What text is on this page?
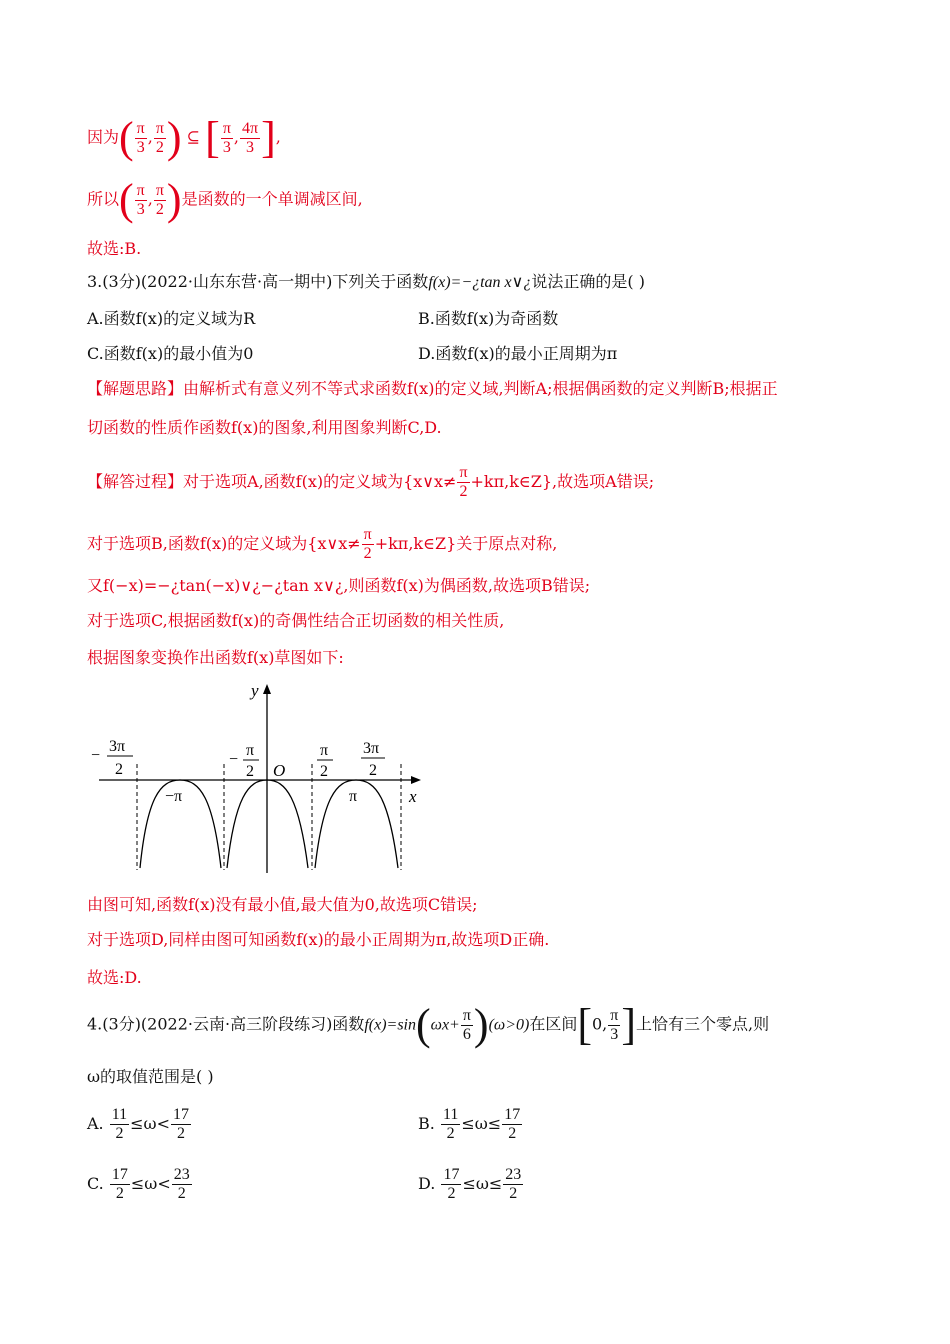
因为( $\frac{\pi}{3}$ , $\frac{\pi}{2}$ ) ⊆ [ $\frac{\pi}{3}$ , $\frac{4\pi}{3}$ ],
所以( $\frac{\pi}{3}$ , $\frac{\pi}{2}$ )是函数的一个单调减区间,
故选:B.
3.(3分)(2022·山东东营·高一期中)下列关于函数f(x)=−¿tan x∨¿说法正确的是( )
A.函数f(x)的定义域为R	B.函数f(x)为奇函数
C.函数f(x)的最小值为0	D.函数f(x)的最小正周期为π
【解题思路】由解析式有意义列不等式求函数f(x)的定义域,判断A;根据偶函数的定义判断B;根据正
切函数的性质作函数f(x)的图象,利用图象判断C,D.
【解答过程】对于选项A,函数f(x)的定义域为{x∨x≠ $\frac{\pi}{2}$ +kπ,k∈Z},故选项A错误;
对于选项B,函数f(x)的定义域为{x∨x≠ $\frac{\pi}{2}$ +kπ,k∈Z}关于原点对称,
又f(−x)=−¿tan(−x)∨¿−¿tan x∨¿,则函数f(x)为偶函数,故选项B错误;
对于选项C,根据函数f(x)的奇偶性结合正切函数的相关性质,
根据图象变换作出函数f(x)草图如下:
y
x
O
−
3π
2
−
π
2
π
2
3π
2
−π	π
由图可知,函数f(x)没有最小值,最大值为0,故选项C错误;
对于选项D,同样由图可知函数f(x)的最小正周期为π,故选项D正确.
故选:D.
4.(3分)(2022·云南·高三阶段练习)函数$f(x)=\sin(\omega x+ \frac{\pi}{6} )(\omega>0)$在区间[0, $\frac{\pi}{3}$ ]上恰有三个零点,则
ω的取值范围是( )
A. $\frac{11}{2} \le\omega< \frac{17}{2}$	B. $\frac{11}{2} \le\omega\le \frac{17}{2}$
C. $\frac{17}{2} \le\omega< \frac{23}{2}$	D. $\frac{17}{2} \le\omega\le \frac{23}{2}$
